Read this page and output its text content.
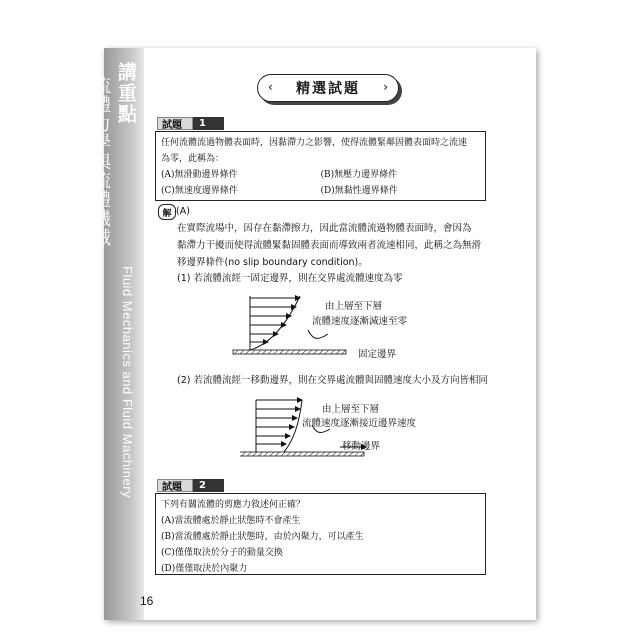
講重點
流體力學與流體機械
Fluid Mechanics and Fluid Machinery
‹ 精選試題 ›
試題	1
任何流體流過物體表面時，因黏滯力之影響，使得流體緊鄰固體表面時之流速
為零，此稱為：
(A)無滑動邊界條件	(B)無壓力邊界條件
(C)無速度邊界條件	(D)無黏性邊界條件
解 (A)
在實際流場中，因存在黏滯擦力，因此當流體流過物體表面時，會因為
黏滯力干擾而使得流體緊黏固體表面而導致兩者流速相同，此稱之為無滑
移邊界條件(no slip boundary condition)。
(1) 若流體流經一固定邊界，則在交界處流體速度為零
由上層至下層
流體速度逐漸減速至零
固定邊界
(2) 若流體流經一移動邊界，則在交界處流體與固體速度大小及方向皆相同
由上層至下層
流體速度逐漸接近邊界速度
移動邊界
試題	2
下列有關流體的剪應力敘述何正確？
(A)當流體處於靜止狀態時不會產生
(B)當流體處於靜止狀態時，由於內聚力，可以產生
(C)僅僅取決於分子的動量交換
(D)僅僅取決於內聚力
16
